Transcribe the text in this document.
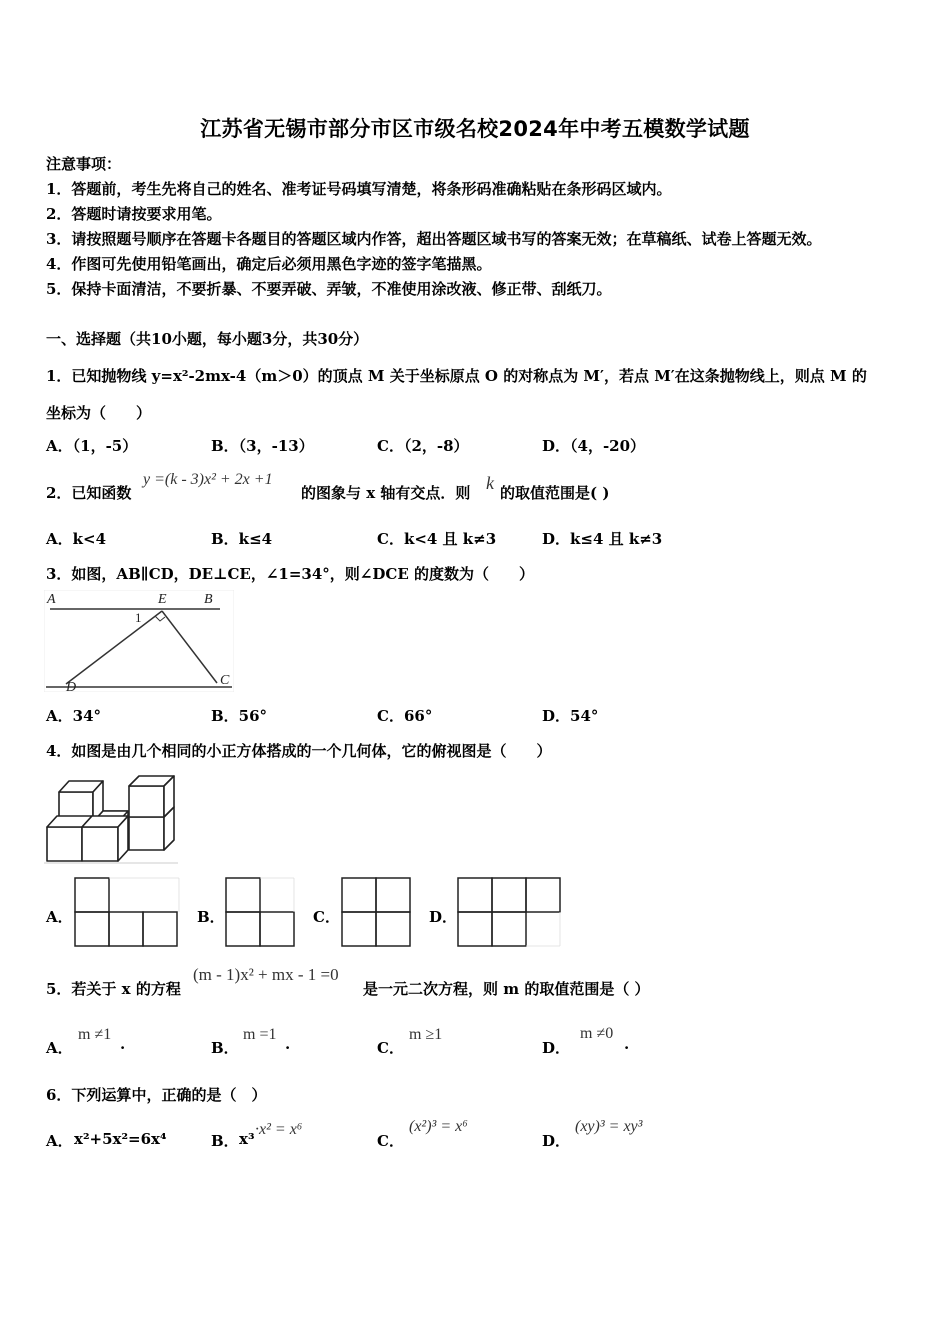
江苏省无锡市部分市区市级名校2024年中考五模数学试题
注意事项：
1．答题前，考生先将自己的姓名、准考证号码填写清楚，将条形码准确粘贴在条形码区域内。
2．答题时请按要求用笔。
3．请按照题号顺序在答题卡各题目的答题区域内作答，超出答题区域书写的答案无效；在草稿纸、试卷上答题无效。
4．作图可先使用铅笔画出，确定后必须用黑色字迹的签字笔描黑。
5．保持卡面清洁，不要折暴、不要弄破、弄皱，不准使用涂改液、修正带、刮纸刀。
一、选择题（共10小题，每小题3分，共30分）
1．已知抛物线 y=x²-2mx-4（m＞0）的顶点 M 关于坐标原点 O 的对称点为 M′，若点 M′在这条抛物线上，则点 M 的
坐标为（　　）
A．（1，-5）	B．（3，-13）	C．（2，-8）	D．（4，-20）
2．已知函数
y =(k - 3)x² + 2x +1
的图象与 x 轴有交点．则 k 的取值范围是( )
A．k<4	B．k≤4	C．k<4 且 k≠3	D．k≤4 且 k≠3
3．如图，AB∥CD，DE⊥CE，∠1=34°，则∠DCE 的度数为（　　）
A	E	B
1
D	C
A．34°	B．56°	C．66°	D．54°
4．如图是由几个相同的小正方体搭成的一个几何体，它的俯视图是（　　）
A．	B．	C．	D．
5．若关于 x 的方程
(m - 1)x² + mx - 1 =0
是一元二次方程，则 m 的取值范围是（ ）
A．
m ≠1
.	B．
m =1
.	C．
m ≥1
D．
m ≠0
.
6．下列运算中，正确的是（　）
A． x²+5x²=6x⁴	B． x³
·x² = x⁶
C．
(x²)³ = x⁶
D．
(xy)³ = xy³
